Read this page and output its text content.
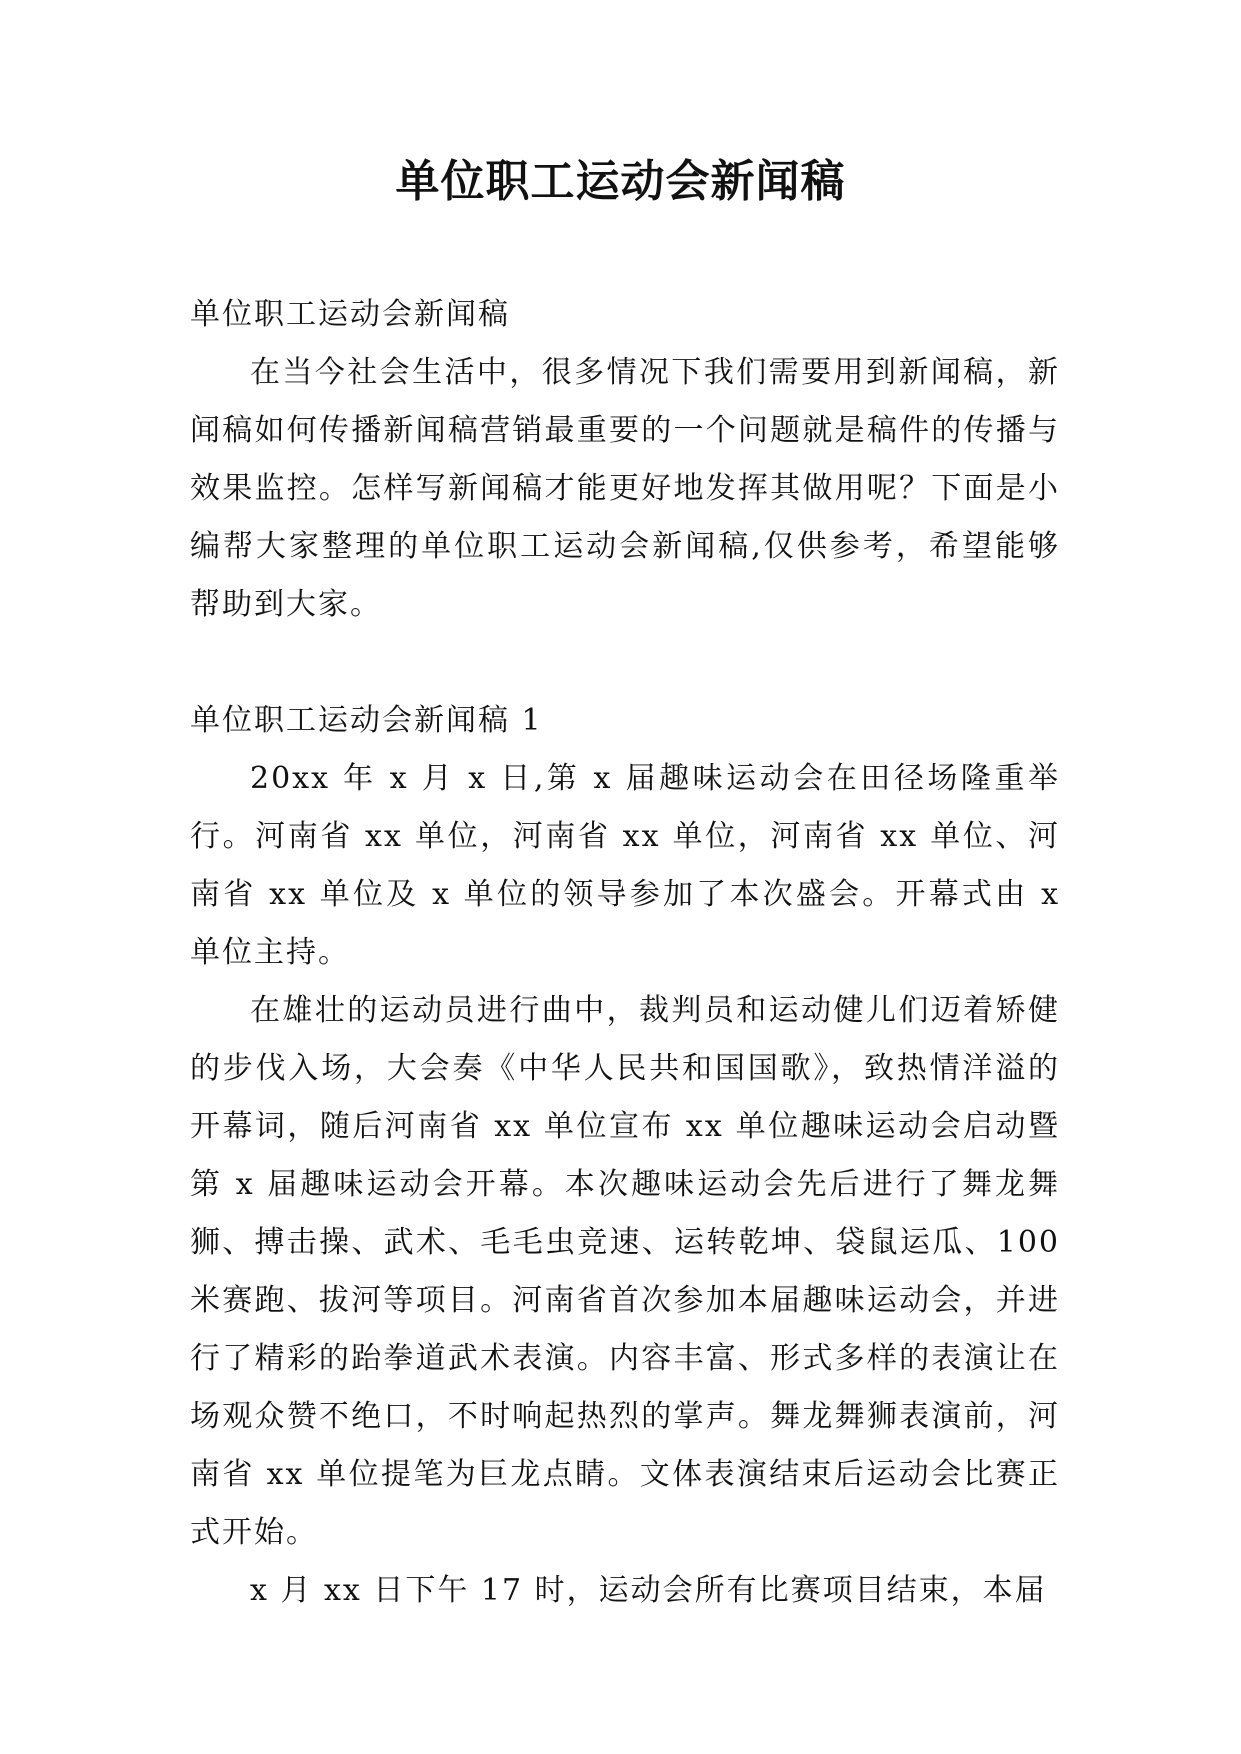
单位职工运动会新闻稿

单位职工运动会新闻稿

在当今社会生活中，很多情况下我们需要用到新闻稿，新闻稿如何传播新闻稿营销最重要的一个问题就是稿件的传播与效果监控。怎样写新闻稿才能更好地发挥其做用呢？下面是小编帮大家整理的单位职工运动会新闻稿,仅供参考，希望能够帮助到大家。

单位职工运动会新闻稿 1

20xx 年 x 月 x 日,第 x 届趣味运动会在田径场隆重举行。河南省 xx 单位，河南省 xx 单位，河南省 xx 单位、河南省 xx 单位及 x 单位的领导参加了本次盛会。开幕式由 x 单位主持。

在雄壮的运动员进行曲中，裁判员和运动健儿们迈着矫健的步伐入场，大会奏《中华人民共和国国歌》，致热情洋溢的开幕词，随后河南省 xx 单位宣布 xx 单位趣味运动会启动暨第 x 届趣味运动会开幕。本次趣味运动会先后进行了舞龙舞狮、搏击操、武术、毛毛虫竞速、运转乾坤、袋鼠运瓜、100 米赛跑、拔河等项目。河南省首次参加本届趣味运动会，并进行了精彩的跆拳道武术表演。内容丰富、形式多样的表演让在场观众赞不绝口，不时响起热烈的掌声。舞龙舞狮表演前，河南省 xx 单位提笔为巨龙点睛。文体表演结束后运动会比赛正式开始。

x 月 xx 日下午 17 时，运动会所有比赛项目结束，本届
